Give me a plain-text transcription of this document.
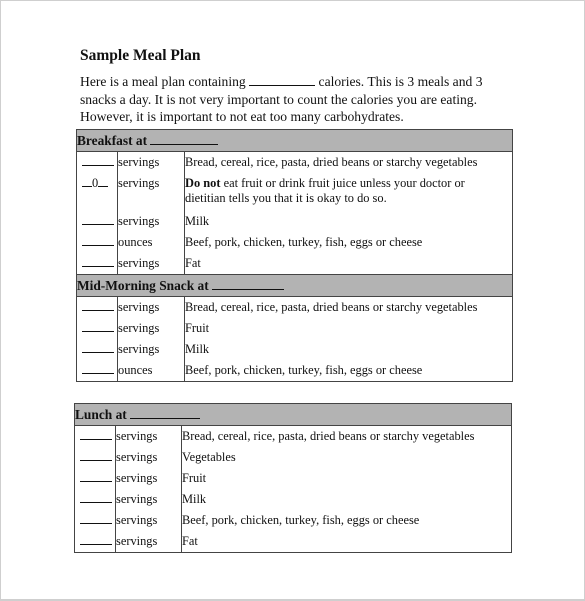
Sample Meal Plan
Here is a meal plan containing	calories. This is 3 meals and 3
snacks a day. It is not very important to count the calories you are eating.
However, it is important to not eat too many carbohydrates.
Breakfast at		
	servings	Bread, cereal, rice, pasta, dried beans or starchy vegetables
0	servings	Do not eat fruit or drink fruit juice unless your doctor or
dietitian tells you that it is okay to do so.
	servings	Milk
	ounces	Beef, pork, chicken, turkey, fish, eggs or cheese
	servings	Fat
Mid-Morning Snack at		
	servings	Bread, cereal, rice, pasta, dried beans or starchy vegetables
	servings	Fruit
	servings	Milk
	ounces	Beef, pork, chicken, turkey, fish, eggs or cheese
Lunch at		
	servings	Bread, cereal, rice, pasta, dried beans or starchy vegetables
	servings	Vegetables
	servings	Fruit
	servings	Milk
	servings	Beef, pork, chicken, turkey, fish, eggs or cheese
	servings	Fat
